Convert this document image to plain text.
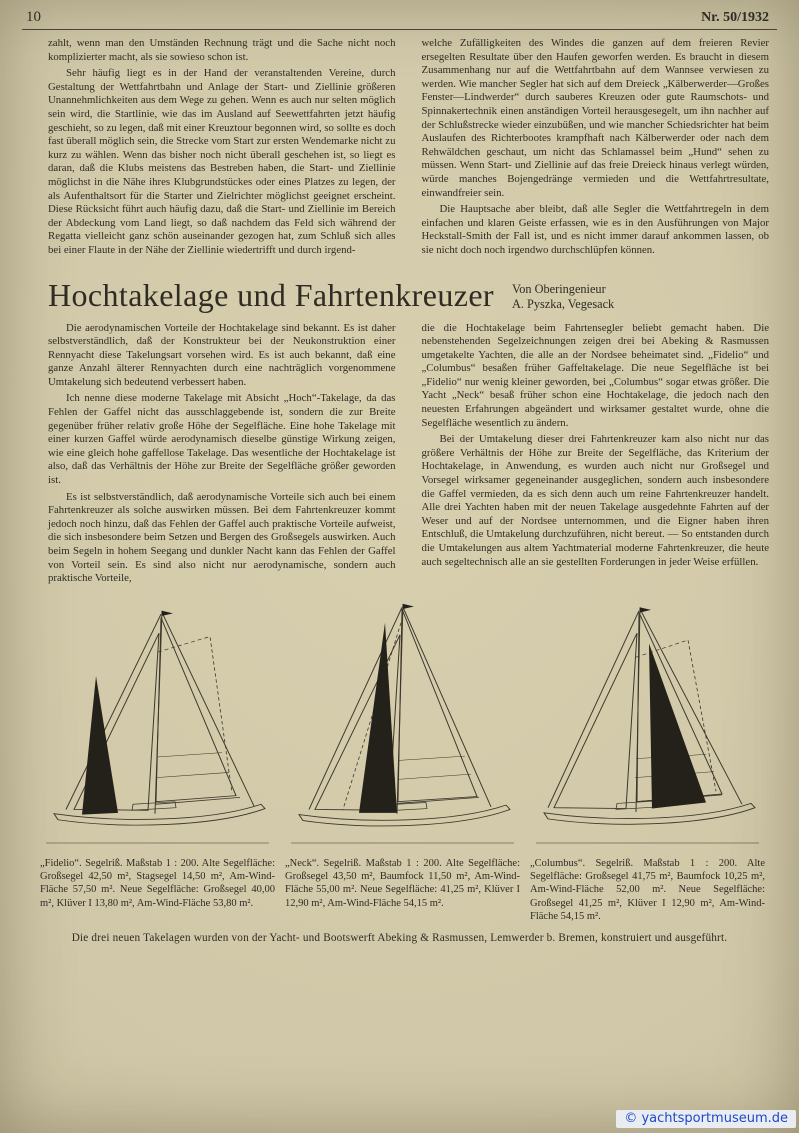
10	Nr. 50/1932

zahlt, wenn man den Umständen Rechnung trägt und die Sache nicht noch komplizierter macht, als sie sowieso schon ist.

Sehr häufig liegt es in der Hand der veranstaltenden Vereine, durch Gestaltung der Wettfahrtbahn und Anlage der Start- und Ziellinie größeren Unannehmlichkeiten aus dem Wege zu gehen. Wenn es auch nur selten möglich sein wird, die Startlinie, wie das im Ausland auf Seewettfahrten jetzt häufig geschieht, so zu legen, daß mit einer Kreuztour begonnen wird, so sollte es doch fast überall möglich sein, die Strecke vom Start zur ersten Wendemarke nicht zu kurz zu wählen. Wenn das bisher noch nicht überall geschehen ist, so liegt es daran, daß die Klubs meistens das Bestreben haben, die Start- und Ziellinie möglichst in die Nähe ihres Klubgrundstückes oder eines Platzes zu legen, der als Aufenthaltsort für die Starter und Zielrichter möglichst geeignet erscheint. Diese Rücksicht führt auch häufig dazu, daß die Start- und Ziellinie im Bereich der Abdeckung vom Land liegt, so daß nachdem das Feld sich während der Regatta vielleicht ganz schön auseinander gezogen hat, zum Schluß sich alles bei einer Flaute in der Nähe der Ziellinie wiedertrifft und durch irgend-

welche Zufälligkeiten des Windes die ganzen auf dem freieren Revier ersegelten Resultate über den Haufen geworfen werden. Es braucht in diesem Zusammenhang nur auf die Wettfahrtbahn auf dem Wannsee verwiesen zu werden. Wie mancher Segler hat sich auf dem Dreieck „Kälberwerder—Großes Fenster—Lindwerder“ durch sauberes Kreuzen oder gute Raumschots- und Spinnakertechnik einen anständigen Vorteil herausgesegelt, um ihn nachher auf der Schlußstrecke wieder einzubüßen, und wie mancher Schiedsrichter hat beim Auslaufen des Richterbootes krampfhaft nach Kälberwerder oder nach dem Rehwäldchen geschaut, um nicht das Schlamassel beim „Hund“ sehen zu müssen. Wenn Start- und Ziellinie auf das freie Dreieck hinaus verlegt würden, würde manches Bojengedränge vermieden und die Wettfahrtresultate, einwandfreier sein.

Die Hauptsache aber bleibt, daß alle Segler die Wettfahrtregeln in dem einfachen und klaren Geiste erfassen, wie es in den Ausführungen von Major Heckstall-Smith der Fall ist, und es nicht immer darauf ankommen lassen, ob sie nicht doch noch irgendwo durchschlüpfen können.

Hochtakelage und Fahrtenkreuzer Von Oberingenieur
A. Pyszka, Vegesack

Die aerodynamischen Vorteile der Hochtakelage sind bekannt. Es ist daher selbstverständlich, daß der Konstrukteur bei der Neukonstruktion einer Rennyacht diese Takelungsart vorsehen wird. Es ist auch bekannt, daß eine ganze Anzahl älterer Rennyachten durch eine nachträglich vorgenommene Umtakelung sich bedeutend verbessert haben.

Ich nenne diese moderne Takelage mit Absicht „Hoch“-Takelage, da das Fehlen der Gaffel nicht das ausschlaggebende ist, sondern die zur Breite gegenüber früher relativ große Höhe der Segelfläche. Eine hohe Takelage mit einer kurzen Gaffel würde aerodynamisch dieselbe günstige Wirkung zeigen, wie eine gleich hohe gaffellose Takelage. Das wesentliche der Hochtakelage ist also, daß das Verhältnis der Höhe zur Breite der Segelfläche größer geworden ist.

Es ist selbstverständlich, daß aerodynamische Vorteile sich auch bei einem Fahrtenkreuzer als solche auswirken müssen. Bei dem Fahrtenkreuzer kommt jedoch noch hinzu, daß das Fehlen der Gaffel auch praktische Vorteile aufweist, die sich insbesondere beim Setzen und Bergen des Großsegels auswirken. Auch beim Segeln in hohem Seegang und dunkler Nacht kann das Fehlen der Gaffel von Vorteil sein. Es sind also nicht nur aerodynamische, sondern auch praktische Vorteile,

die die Hochtakelage beim Fahrtensegler beliebt gemacht haben. Die nebenstehenden Segelzeichnungen zeigen drei bei Abeking & Rasmussen umgetakelte Yachten, die alle an der Nordsee beheimatet sind. „Fidelio“ und „Columbus“ besaßen früher Gaffeltakelage. Die neue Segelfläche ist bei „Fidelio“ nur wenig kleiner geworden, bei „Columbus“ sogar etwas größer. Die Yacht „Neck“ besaß früher schon eine Hochtakelage, die jedoch nach den neuesten Erfahrungen abgeändert und wirksamer gestaltet wurde, ohne die Segelfläche wesentlich zu ändern.

Bei der Umtakelung dieser drei Fahrtenkreuzer kam also nicht nur das größere Verhältnis der Höhe zur Breite der Segelfläche, das Kriterium der Hochtakelage, in Anwendung, es wurden auch nicht nur Großsegel und Vorsegel wirksamer gegeneinander ausgeglichen, sondern auch insbesondere die Gaffel vermieden, da es sich denn auch um reine Fahrtenkreuzer handelt. Alle drei Yachten haben mit der neuen Takelage ausgedehnte Fahrten auf der Weser und auf der Nordsee unternommen, und die Eigner haben ihren Entschluß, die Umtakelung durchzuführen, nicht bereut. — So entstanden durch die Umtakelungen aus altem Yachtmaterial moderne Fahrtenkreuzer, die heute auch segeltechnisch alle an sie gestellten Forderungen in jeder Weise erfüllen.

„Fidelio“. Segelriß. Maßstab 1 : 200. Alte Segelfläche: Großsegel 42,50 m², Stagsegel 14,50 m², Am-Wind-Fläche 57,50 m². Neue Segelfläche: Großsegel 40,00 m², Klüver I 13,80 m², Am-Wind-Fläche 53,80 m².
„Neck“. Segelriß. Maßstab 1 : 200. Alte Segelfläche: Großsegel 43,50 m², Baumfock 11,50 m², Am-Wind-Fläche 55,00 m². Neue Segelfläche: 41,25 m², Klüver I 12,90 m², Am-Wind-Fläche 54,15 m².
„Columbus“. Segelriß. Maßstab 1 : 200. Alte Segelfläche: Großsegel 41,75 m², Baumfock 10,25 m², Am-Wind-Fläche 52,00 m². Neue Segelfläche: Großsegel 41,25 m², Klüver I 12,90 m², Am-Wind-Fläche 54,15 m².
Die drei neuen Takelagen wurden von der Yacht- und Bootswerft Abeking & Rasmussen, Lemwerder b. Bremen, konstruiert und ausgeführt.
© yachtsportmuseum.de
